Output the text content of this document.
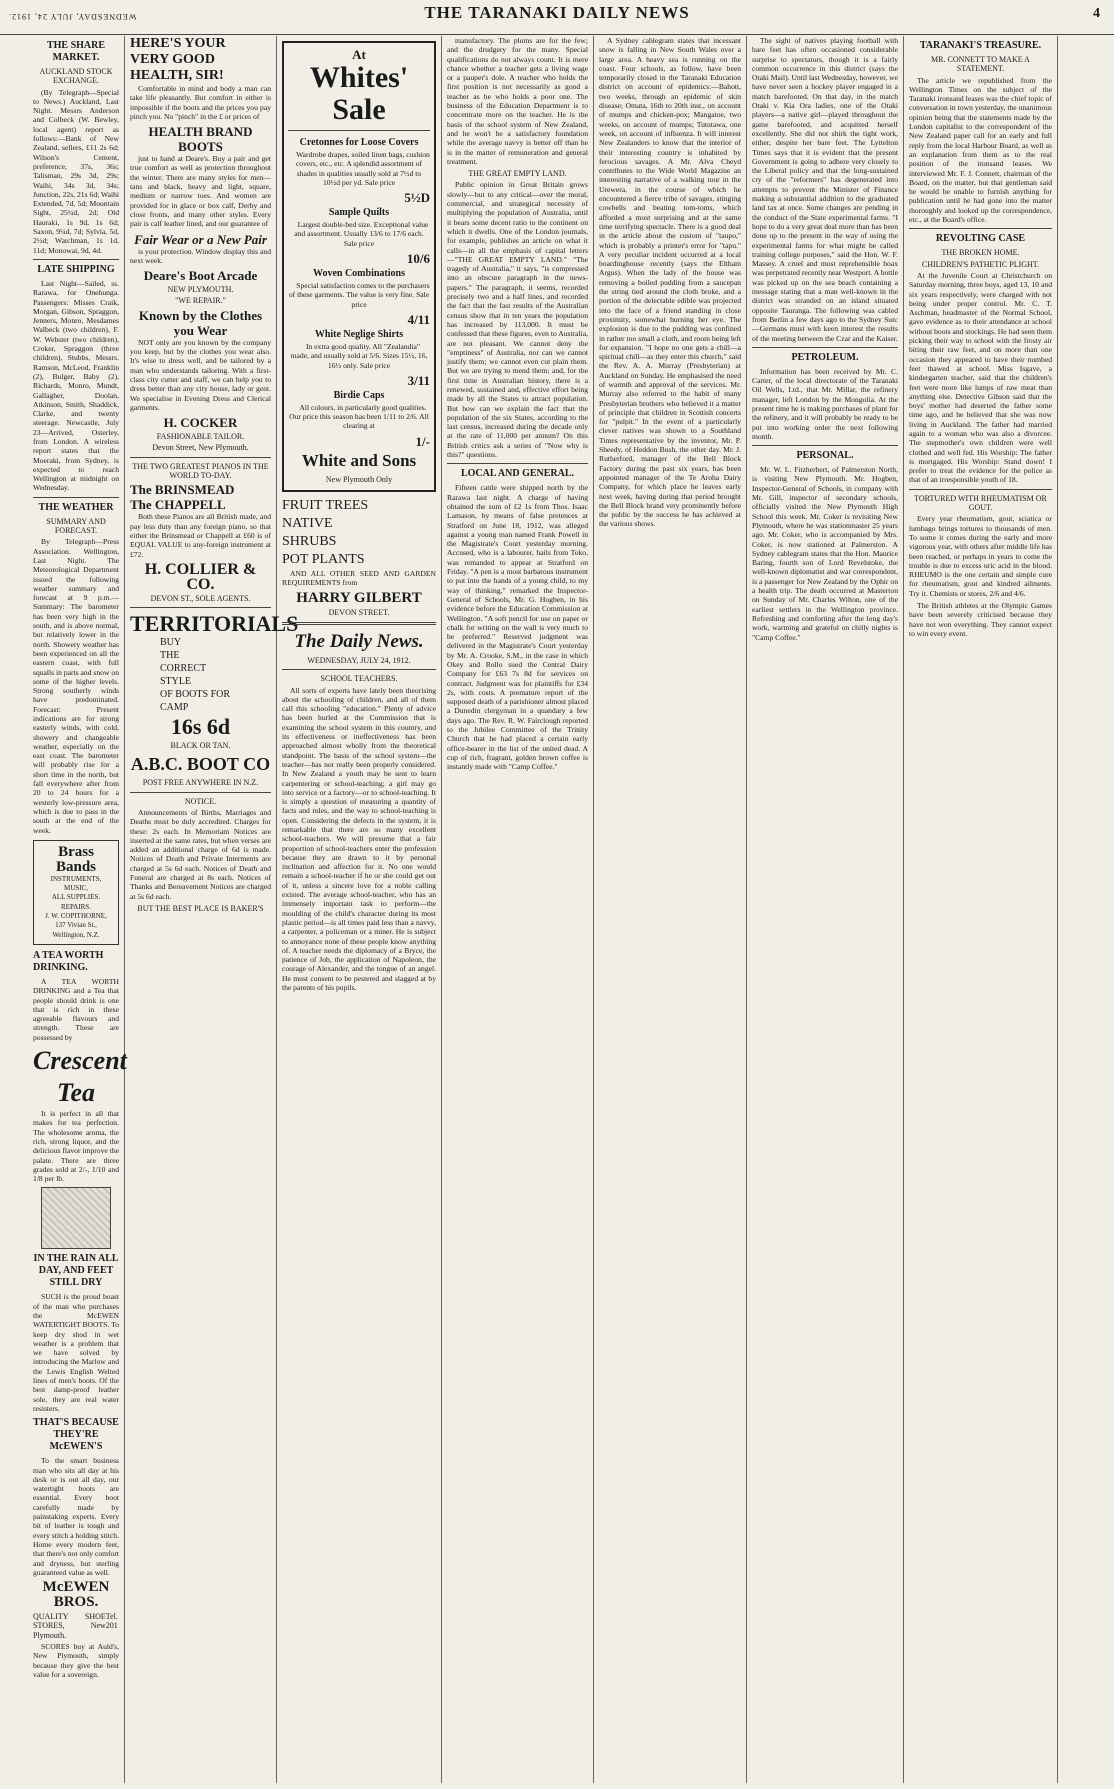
WEDNESDAY, JULY 24, 1912.	THE TARANAKI DAILY NEWS	4
THE SHARE MARKET.
AUCKLAND STOCK EXCHANGE.

(By Telegraph—Special to News.) Auckland, Last Night. Messrs Anderson and Colbeck (W. Bewley, local agent) report as follows:—Bank of New Zealand, sellers, £11 2s 6d; Wilson's Cement, preference, 37s, 36s; Talisman, 29s 3d, 29s; Waihi, 34s 3d, 34s; Junction, 22s, 21s 6d; Waihi Extended, 7d, 5d; Mountain Sight, 25¼d, 2d; Old Hauraki, 1s 9d, 1s 6d; Saxon, 9¼d, 7d; Sylvia, 5d, 2½d; Watchman, 1s 1d, 11d; Monowai, 9d, 4d.

LATE SHIPPING

Last Night—Sailed, ss. Rarawa, for Onehunga. Passengers: Misses Craik, Morgan, Gibson, Spraggon, Jenners, Monro, Mesdames Walbeck (two children), F. W. Webster (two children), Croker, Spraggon (three children), Stubbs, Messrs. Ramson, McLeod, Franklin (2), Bulger, Baby (2), Richards, Monro, Mundt, Gallagher, Doolan, Atkinson, Smith, Shaddick, Clarke, and twenty steerage. Newcastle, July 23—Arrived, Osterley, from London. A wireless report states that the Moeraki, from Sydney, is expected to reach Wellington at midnight on Wednesday.

THE WEATHER
SUMMARY AND FORECAST.

By Telegraph—Press Association. Wellington, Last Night. The Meteorological Department issued the following weather summary and forecast at 9 p.m.—Summary: The barometer has been very high in the south, and is above normal, but relatively lower in the north. Showery weather has been experienced on all the eastern coast, with full squalls in parts and snow on some of the higher levels. Strong southerly winds have predominated. Forecast: Present indications are for strong easterly winds, with cold, showery and changeable weather, especially on the east coast. The barometer will probably rise for a short time in the north, but fall everywhere after from 20 to 24 hours for a westerly low-pressure area, which is due to pass in the south at the end of the week.

Brass Bands
INSTRUMENTS, MUSIC,
ALL SUPPLIES. REPAIRS.
J. W. COPITHORNE,
137 Vivian St., Wellington, N.Z.
A TEA WORTH DRINKING.

A TEA WORTH DRINKING and a Tea that people should drink is one that is rich in these agreeable flavours and strength. These are possessed by

Crescent Tea

It is perfect in all that makes for tea perfection. The wholesome aroma, the rich, strong liquor, and the delicious flavor improve the palate. There are three grades sold at 2/-, 1/10 and 1/8 per lb.

IN THE RAIN ALL DAY, AND FEET STILL DRY

SUCH is the proud boast of the man who purchases the McEWEN WATERTIGHT BOOTS. To keep dry shod in wet weather is a problem that we have solved by introducing the Marlow and the Lewis English Welted lines of men's boots. Of the best damp-proof leather sole, they are real water resisters.

THAT'S BECAUSE THEY'RE McEWEN'S

To the smart business man who sits all day at his desk or is out all day, our watertight boots are essential. Every boot carefully made by painstaking experts. Every bit of leather is tough and every stitch a holding stitch. Home every modern feet, that there's not only comfort and dryness, but sterling guaranteed value as well.

McEWEN BROS.
QUALITY SHOE STORES, New Plymouth.
Tel. 201

SCORES buy at Auld's, New Plymouth, simply because they give the best value for a sovereign.

HERE'S YOUR VERY GOOD HEALTH, SIR!

Comfortable in mind and body a man can take life pleasantly. But comfort in either is impossible if the boots and the prices you pay pinch you. No "pinch" in the £ or prices of

HEALTH BRAND BOOTS

just to hand at Deare's. Buy a pair and get true comfort as well as protection throughout the winter. There are many styles for men—tans and black, heavy and light, square, medium or narrow toes. And women are provided for in glace or box calf, Derby and close fronts, and many other styles. Every pair is calf leather lined, and our guarantee of

Fair Wear or a New Pair

is your protection. Window display this and next week.

Deare's Boot Arcade
NEW PLYMOUTH.
"WE REPAIR."
Known by the Clothes you Wear

NOT only are you known by the company you keep, but by the clothes you wear also. It's wise to dress well, and be tailored by a man who understands tailoring. With a first-class city cutter and staff, we can help you to dress better than any city house, lady or gent. We specialise in Evening Dress and Clerical garments.

H. COCKER
FASHIONABLE TAILOR.
Devon Street, New Plymouth.
THE TWO GREATEST PIANOS IN THE WORLD TO-DAY.
The BRINSMEAD
The CHAPPELL

Both these Pianos are all British made, and pay less duty than any foreign piano, so that either the Brinsmead or Chappell at £60 is of EQUAL VALUE to any-foreign instrument at £72.

H. COLLIER & CO.
DEVON ST., SOLE AGENTS.
TERRITORIALS
BUY
THE
CORRECT
STYLE
OF BOOTS FOR
CAMP
16s 6d
BLACK OR TAN.
A.B.C. BOOT CO
POST FREE ANYWHERE IN N.Z.
NOTICE.

Announcements of Births, Marriages and Deaths must be duly accredited. Charges for these: 2s each. In Memoriam Notices are inserted at the same rates, but when verses are added an additional charge of 6d is made. Notices of Death and Private Interments are charged at 5s 6d each. Notices of Death and Funeral are charged at 8s each. Notices of Thanks and Bereavement Notices are charged at 5s 6d each.

BUT THE BEST PLACE IS BAKER'S
At
Whites' Sale
Cretonnes for Loose Covers

Wardrobe drapes, soiled linen bags, cushion covers, etc., etc. A splendid assortment of shades in qualities usually sold at 7½d to 10½d per yd. Sale price

5½D
Sample Quilts

Largest double-bed size. Exceptional value and assortment. Usually 13/6 to 17/6 each. Sale price

10/6
Woven Combinations

Special satisfaction comes to the purchasers of these garments. The value is very fine. Sale price

4/11
White Neglige Shirts

In extra good quality. All "Zealandia" made, and usually sold at 5/6. Sizes 15½, 16, 16½ only. Sale price

3/11
Birdie Caps

All colours, in particularly good qualities. Our price this season has been 1/11 to 2/6. All clearing at

1/-
White and Sons
New Plymouth Only
FRUIT TREES
NATIVE
SHRUBS
POT PLANTS

AND ALL OTHER SEED AND GARDEN REQUIREMENTS from

HARRY GILBERT
DEVON STREET.
The Daily News.
WEDNESDAY, JULY 24, 1912.
SCHOOL TEACHERS.

All sorts of experts have lately been theorising about the schooling of children, and all of them call this schooling "education." Plenty of advice has been hurled at the Commission that is examining the school system in this country, and its effectiveness or ineffectiveness has been approached almost wholly from the theoretical standpoint. The basis of the school system—the teacher—has not really been properly considered. In New Zealand a youth may be sent to learn carpentering or school-teaching; a girl may go into service or a factory—or to school-teaching. It is simply a question of measuring a quantity of facts and rules, and the way to school-teaching is open. Considering the defects in the system, it is remarkable that there are so many excellent school-teachers. We will presume that a fair proportion of school-teachers enter the profession because they are drawn to it by personal inclination and affection for it. No one would remain a school-teacher if he or she could get out of it, unless a sincere love for a noble calling existed. The average school-teacher, who has an immensely important task to perform—the moulding of the child's character during its most plastic period—is all times paid less than a navvy, a carpenter, a policeman or a miner. He is subject to annoyance none of these people know anything of. A teacher needs the diplomacy of a Bryce, the patience of Job, the application of Napoleon, the courage of Alexander, and the tongue of an angel. He must consent to be pestered and slagged at by the parents of his pupils.

manufactory. The plums are for the few; and the drudgery for the many. Special qualifications do not always count. It is mere chance whether a teacher gets a living wage or a pauper's dole. A teacher who holds the first position is not necessarily as good a teacher as he who holds a poor one. The business of the Education Department is to concentrate more on the teacher. He is the basis of the school system of New Zealand, and he won't be a satisfactory foundation while the average navvy is better off than he is in the matter of remuneration and general treatment.

THE GREAT EMPTY LAND.

Public opinion in Great Britain grows slowly—but to any critical—over the moral, commercial, and strategical necessity of multiplying the population of Australia, until it bears some decent ratio to the continent on which it dwells. One of the London journals, for example, publishes an article on what it calls—in all the emphasis of capital letters—"THE GREAT EMPTY LAND." "The tragedy of Australia," it says, "is compressed into an obscure paragraph in the news-papers." The paragraph, it seems, recorded precisely two and a half lines, and recorded the fact that the fast results of the Australian census show that in ten years the population has increased by 113,000. It must be confessed that these figures, even to Australia, are not pleasant. We cannot deny the "emptiness" of Australia, nor can we cannot justify them; we cannot even cut plain them. But we are trying to mend them; and, for the first time in Australian history, there is a renewed, sustained and, effective effort being made by all the States to attract population. But how can we explain the fact that the population of the six States, according to the last census, increased during the decade only at the rate of 11,000 per annum? On this British critics ask a series of "Now why is this?" questions.

LOCAL AND GENERAL.

Fifteen cattle were shipped north by the Rarawa last night. A charge of having obtained the sum of £2 1s from Thos. Isaac Lamason, by means of false pretences at Stratford on June 18, 1912, was alleged against a young man named Frank Powell in the Magistrate's Court yesterday morning. Accused, who is a labourer, hails from Toko, was remanded to appear at Stratford on Friday. "A pen is a most barbarous instrument to put into the hands of a young child, to my way of thinking," remarked the Inspector-General of Schools, Mr. G. Hogben, in his evidence before the Education Commission at Wellington. "A soft pencil for use on paper or chalk for writing on the wall is very much to be preferred." Reserved judgment was delivered in the Magistrate's Court yesterday by Mr. A. Crooke, S.M., in the case in which Okey and Rollo sued the Central Dairy Company for £63 7s 8d for services on contract. Judgment was for plaintiffs for £34 2s, with costs. A premature report of the supposed death of a parishioner almost placed a Dunedin clergyman in a quandary a few days ago. The Rev. R. W. Fairclough reported to the Jubilee Committee of the Trinity Church that he had placed a certain early office-bearer in the list of the united dead. A cup of rich, fragrant, golden brown coffee is instantly made with "Camp Coffee."

A Sydney cablegram states that incessant snow is falling in New South Wales over a large area. A heavy sea is running on the coast. Four schools, as follow, have been temporarily closed in the Taranaki Education district on account of epidemics:—Bahott, two weeks, through an epidemic of skin disease; Omata, 16th to 20th inst., on account of mumps and chicken-pox; Mangatoe, two weeks, on account of mumps; Tututawa, one week, on account of influenza. It will interest New Zealanders to know that the interior of their interesting country is inhabited by ferocious savages. A Mr. Alva Cheyd contributes to the Wide World Magazine an interesting narrative of a walking tour in the Urewera, in the course of which he encountered a fierce tribe of savages, stinging cowbells and beating tom-toms, which afforded a most surprising and at the same time terrifying spectacle. There is a good deal in the article about the custom of "taupo," which is probably a printer's error for "tapu." A very peculiar incident occurred at a local boardinghouse recently (says the Eltham Argus). When the lady of the house was removing a boiled pudding from a saucepan the string tied around the cloth broke, and a portion of the delectable edible was projected into the face of a friend standing in close proximity, somewhat burning her eye. The explosion is due to the pudding was confined in rather too small a cloth, and room being left for expansion. "I hope no one gets a chill—a spiritual chill—as they enter this church," said the Rev. A. A. Murray (Presbyterian) at Auckland on Sunday. He emphasised the need of warmth and approval of the services. Mr. Murray also referred to the habit of many Presbyterian brothers who believed it a matter of principle that children in Scottish concerts for "pulpit." In the event of a particularly clever natives was shown to a Southland Times representative by the inventor, Mr. P. Sheedy, of Heddon Bush, the other day. Mr. J. Rutherford, manager of the Bell Block Factory during the past six years, has been appointed manager of the Te Aroha Dairy Company, for which place he leaves early next week, having during that period brought the Bell Block brand very prominently before the public by the success he has achieved at the various shows.

The sight of natives playing football with bare feet has often occasioned considerable surprise to spectators, though it is a fairly common occurrence in this district (says the Otaki Mail). Until last Wednesday, however, we have never seen a hockey player engaged in a match barefooted. On that day, in the match Otaki v. Kia Ora ladies, one of the Otaki players—a native girl—played throughout the game barefooted, and acquitted herself excellently. She did not shirk the tight work, either, despite her bare feet. The Lyttelton Times says that it is evident that the present Government is going to adhere very closely to the Liberal policy and that the long-sustained cry of the "reformers" has degenerated into attempts to prevent the Minister of Finance making a substantial addition to the graduated land tax at once. Some changes are pending in the conduct of the State experimental farms. "I hope to do a very great deal more than has been done up to the present in the way of using the experimental farms for what might be called training college purposes," said the Hon. W. F. Massey. A cruel and most reprehensible hoax was perpetrated recently near Westport. A bottle was picked up on the sea beach containing a message stating that a man well-known in the district was stranded on an island situated opposite Tauranga. The following was cabled from Berlin a few days ago to the Sydney Sun:—Germans must with keen interest the results of the meeting between the Czar and the Kaiser.

PETROLEUM.

Information has been received by Mr. C. Carter, of the local directorate of the Taranaki Oil Wells, Ltd., that Mr. Millar, the refinery manager, left London by the Mongolia. At the present time he is making purchases of plant for the refinery, and it will probably be ready to be put into working order the next following month.

PERSONAL.

Mr. W. L. Fitzherbert, of Palmerston North, is visiting New Plymouth. Mr. Hogben, Inspector-General of Schools, in company with Mr. Gill, inspector of secondary schools, officially visited the New Plymouth High School this week. Mr. Coker is revisiting New Plymouth, where he was stationmaster 25 years ago. Mr. Coker, who is accompanied by Mrs. Coker, is now stationed at Palmerston. A Sydney cablegram states that the Hon. Maurice Baring, fourth son of Lord Revelstoke, the well-known diplomatist and war correspondent, is a passenger for New Zealand by the Ophir on a health trip. The death occurred at Masterton on Sunday of Mr. Charles Wilton, one of the earliest settlers in the Wellington province. Refreshing and comforting after the long day's work, warming and grateful on chilly nights is "Camp Coffee."

TARANAKI'S TREASURE.
MR. CONNETT TO MAKE A STATEMENT.

The article we republished from the Wellington Times on the subject of the Taranaki ironsand leases was the chief topic of conversation in town yesterday, the unanimous opinion being that the statements made by the London capitalist to the correspondent of the New Zealand paper call for an early and full reply from the local Harbour Board, as well as an explanation from them as to the real position of the ironsand leases. We interviewed Mr. F. J. Connett, chairman of the Board, on the matter, but that gentleman said he would be unable to furnish anything for publication until he had gone into the matter thoroughly and looked up the correspondence, etc., at the Board's office.

REVOLTING CASE
THE BROKEN HOME.
CHILDREN'S PATHETIC PLIGHT.

At the Juvenile Court at Christchurch on Saturday morning, three boys, aged 13, 10 and six years respectively, were charged with not being under proper control. Mr. C. T. Aschman, headmaster of the Normal School, gave evidence as to their attendance at school without boots and stockings. He had seen them picking their way to school with the frosty air biting their raw feet, and on more than one occasion they appeared to have their numbed feet thawed at school. Miss Isgave, a kindergarten teacher, said that the children's feet were more like lumps of raw meat than anything else. Detective Gibson said that the boys' mother had deserted the father some time ago, and he believed that she was now living in Auckland. The father had married again to a woman who was also a divorcee. The stepmother's own children were well clothed and well fed. His Worship: The father is mortgaged. His Worship: Stand down! I prefer to treat the evidence for the police as that of an irresponsible youth of 18.

TORTURED WITH RHEUMATISM OR GOUT.

Every year rheumatism, gout, sciatica or lumbago brings tortures to thousands of men. To some it comes during the early and more vigorous year, with others after middle life has been reached, or perhaps in years to come the trouble is due to excess uric acid in the blood. RHEUMO is the one certain and simple cure for rheumatism, gout and kindred ailments. Try it. Chemists or stores, 2/6 and 4/6.

The British athletes at the Olympic Games have been severely criticised because they have not won everything. They cannot expect to win every event.
